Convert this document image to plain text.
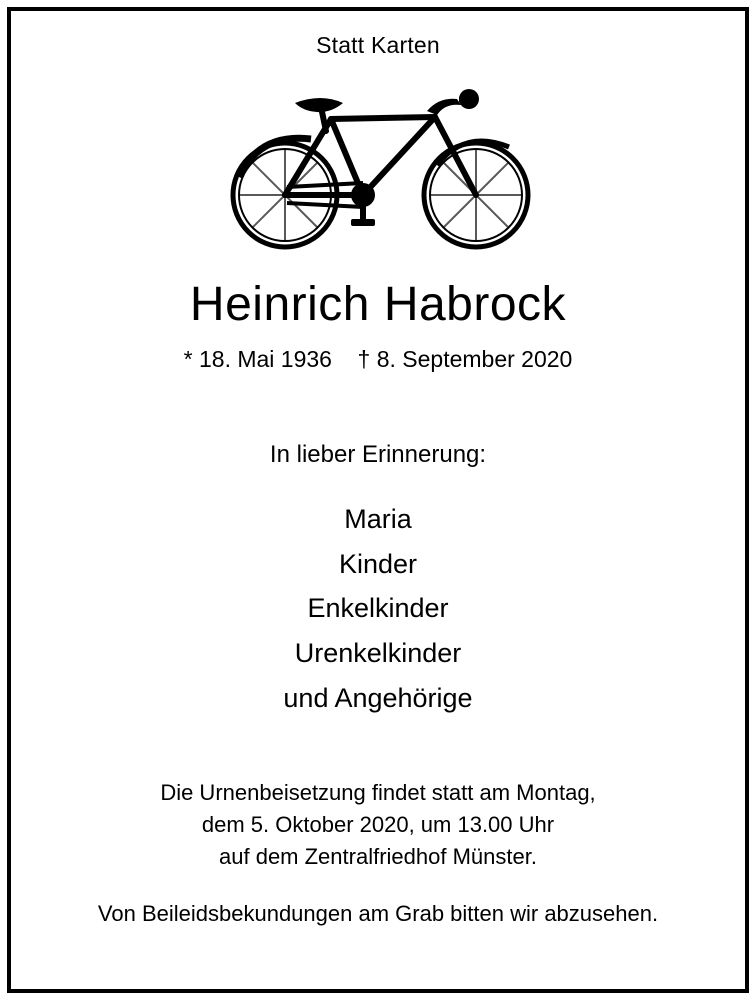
Statt Karten
Heinrich Habrock
* 18. Mai 1936    † 8. September 2020
In lieber Erinnerung:
Maria
Kinder
Enkelkinder
Urenkelkinder
und Angehörige
Die Urnenbeisetzung findet statt am Montag,
dem 5. Oktober 2020, um 13.00 Uhr
auf dem Zentralfriedhof Münster.
Von Beileidsbekundungen am Grab bitten wir abzusehen.
